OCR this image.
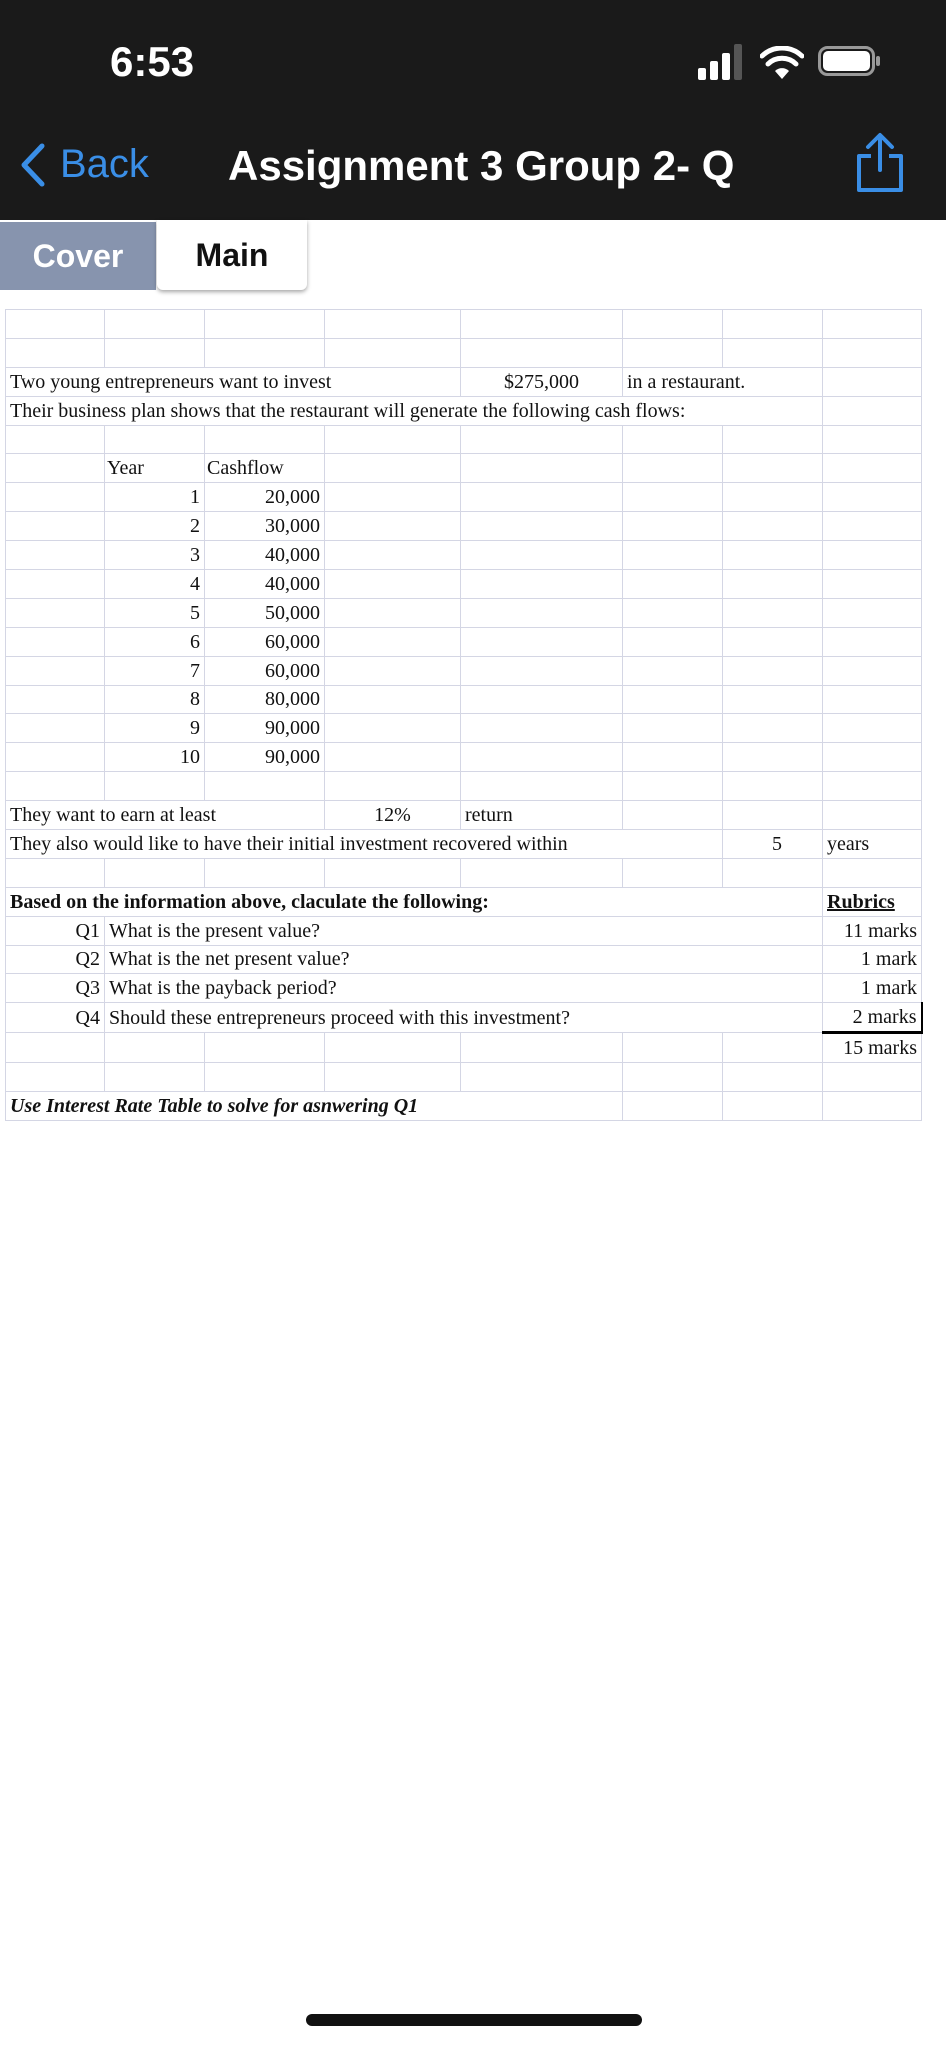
6:53
Back Assignment 3 Group 2- Q
Cover	Main

Two young entrepreneurs want to invest				$275,000	in a restaurant.		
Their business plan shows that the restaurant will generate the following cash flows:							

	Year	Cashflow					
	1	20,000					
	2	30,000					
	3	40,000					
	4	40,000					
	5	50,000					
	6	60,000					
	7	60,000					
	8	80,000					
	9	90,000					
	10	90,000					

They want to earn at least			12%	return			
They also would like to have their initial investment recovered within						5	years

Based on the information above, claculate the following:							Rubrics
Q1	What is the present value?						11 marks
Q2	What is the net present value?						1 mark
Q3	What is the payback period?						1 mark
Q4	Should these entrepreneurs proceed with this investment?						2 marks
							15 marks

Use Interest Rate Table to solve for asnwering Q1							
